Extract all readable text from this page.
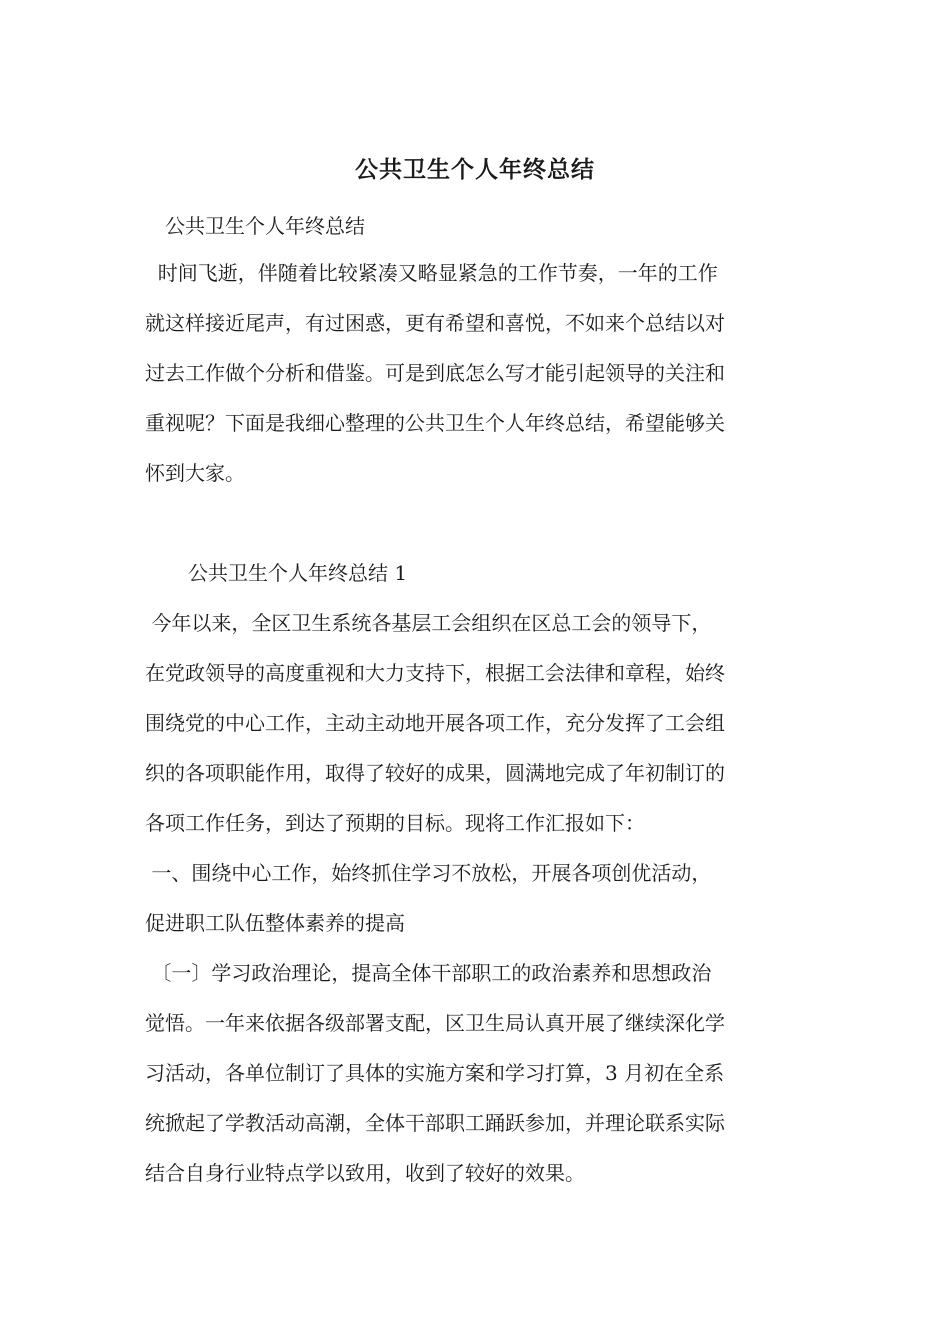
公共卫生个人年终总结
公共卫生个人年终总结
时间飞逝，伴随着比较紧凑又略显紧急的工作节奏，一年的工作
就这样接近尾声，有过困惑，更有希望和喜悦，不如来个总结以对
过去工作做个分析和借鉴。可是到底怎么写才能引起领导的关注和
重视呢？下面是我细心整理的公共卫生个人年终总结，希望能够关
怀到大家。
公共卫生个人年终总结 1
今年以来，全区卫生系统各基层工会组织在区总工会的领导下，
在党政领导的高度重视和大力支持下，根据工会法律和章程，始终
围绕党的中心工作，主动主动地开展各项工作，充分发挥了工会组
织的各项职能作用，取得了较好的成果，圆满地完成了年初制订的
各项工作任务，到达了预期的目标。现将工作汇报如下：
一、围绕中心工作，始终抓住学习不放松，开展各项创优活动，
促进职工队伍整体素养的提高
〔一〕学习政治理论，提高全体干部职工的政治素养和思想政治
觉悟。一年来依据各级部署支配，区卫生局认真开展了继续深化学
习活动，各单位制订了具体的实施方案和学习打算，3 月初在全系
统掀起了学教活动高潮，全体干部职工踊跃参加，并理论联系实际
结合自身行业特点学以致用，收到了较好的效果。
